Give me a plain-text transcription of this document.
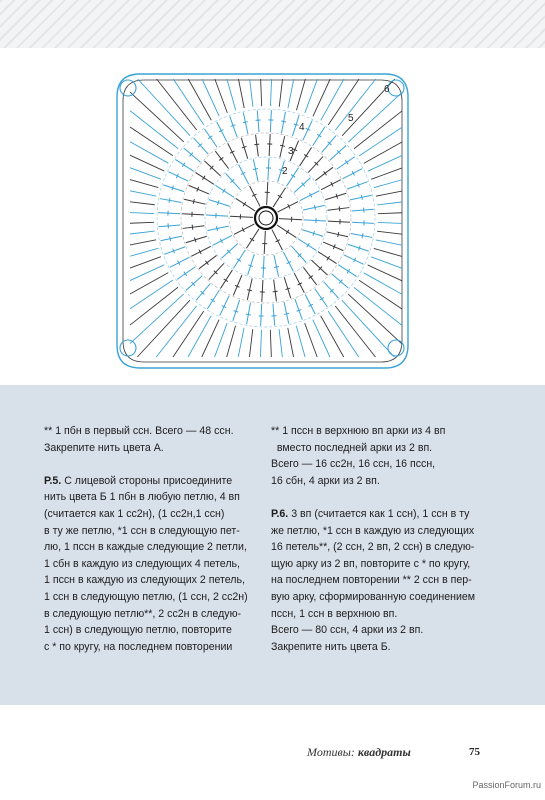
2
3
4
5
6

** 1 пбн в первый ссн. Всего — 48 ссн.

Закрепите нить цвета А.

Р.5. С лицевой стороны присоедините

нить цвета Б 1 пбн в любую петлю, 4 вп

(считается как 1 сс2н), (1 сс2н,1 ссн)

в ту же петлю, *1 ссн в следующую пет-

лю, 1 пссн в каждые следующие 2 петли,

1 сбн в каждую из следующих 4 петель,

1 пссн в каждую из следующих 2 петель,

1 ссн в следующую петлю, (1 ссн, 2 сс2н)

в следующую петлю**, 2 сс2н в следую-

1 ссн) в следующую петлю, повторите

с * по кругу, на последнем повторении

** 1 пссн в верхнюю вп арки из 4 вп

вместо последней арки из 2 вп.

Всего — 16 сс2н, 16 ссн, 16 пссн,

16 сбн, 4 арки из 2 вп.

Р.6. 3 вп (считается как 1 ссн), 1 ссн в ту

же петлю, *1 ссн в каждую из следующих

16 петель**, (2 ссн, 2 вп, 2 ссн) в следую-

щую арку из 2 вп, повторите с * по кругу,

на последнем повторении ** 2 ссн в пер-

вую арку, сформированную соединением

пссн, 1 ссн в верхнюю вп.

Всего — 80 ссн, 4 арки из 2 вп.

Закрепите нить цвета Б.

Мотивы: квадраты	75
PassionForum.ru
